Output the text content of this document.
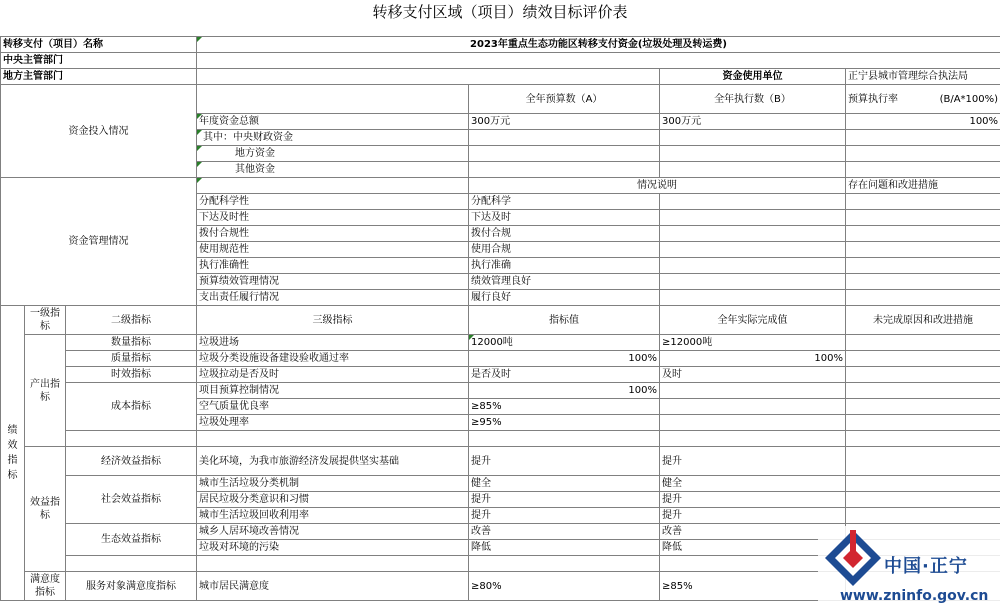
转移支付区域（项目）绩效目标评价表
转移支付（项目）名称			2023年重点生态功能区转移支付资金(垃圾处理及转运费)			
中央主管部门						
地方主管部门					资金使用单位	正宁县城市管理综合执法局
资金投入情况				全年预算数（A）	全年执行数（B）	预算执行率 (B/A*100%)

			年度资金总额	300万元	300万元	100%
			其中：中央财政资金			
			地方资金			
			其他资金			
资金管理情况				情况说明		存在问题和改进措施
			分配科学性	分配科学		
			下达及时性	下达及时		
			拨付合规性	拨付合规		
			使用规范性	使用合规		
			执行准确性	执行准确		
			预算绩效管理情况	绩效管理良好		
			支出责任履行情况	履行良好		
绩效指标	一级指标	二级指标	三级指标	指标值	全年实际完成值	未完成原因和改进措施
	产出指标	数量指标	垃圾进场	12000吨	≥12000吨	
		质量指标	垃圾分类设施设备建设验收通过率	100%	100%	
		时效指标	垃圾拉动是否及时	是否及时	及时	
		成本指标	项目预算控制情况	100%		
			空气质量优良率	≥85%		
			垃圾处理率	≥95%		

	效益指标	经济效益指标	美化环境，为我市旅游经济发展提供坚实基础	提升	提升	
		社会效益指标	城市生活垃圾分类机制	健全	健全	
			居民垃圾分类意识和习惯	提升	提升	
			城市生活垃圾回收利用率	提升	提升	
		生态效益指标	城乡人居环境改善情况	改善	改善	
			垃圾对环境的污染	降低	降低	

	满意度指标	服务对象满意度指标	城市居民满意度	≥80%	≥85%	
中国·正宁
www.zninfo.gov.cn
